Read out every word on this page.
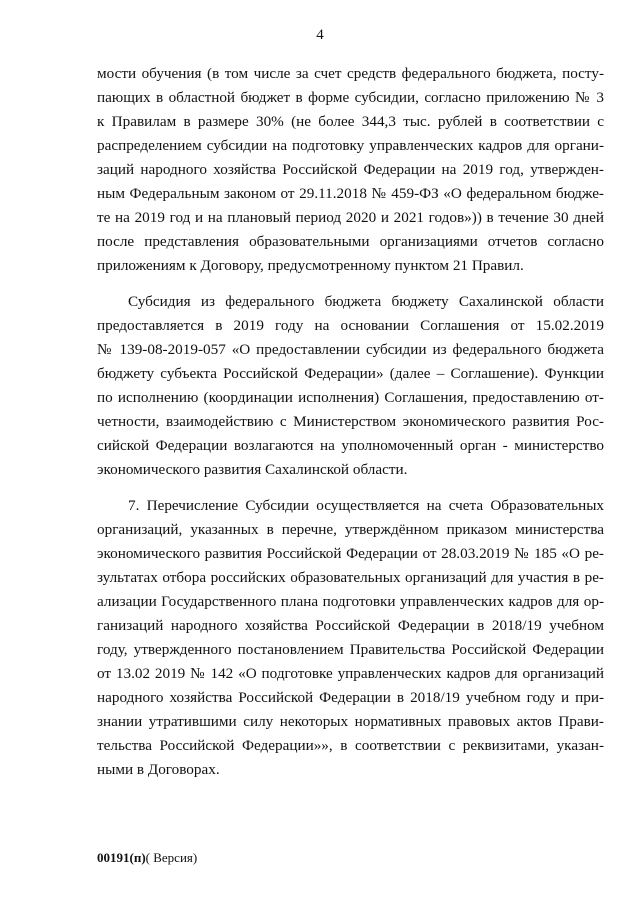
4
мости обучения (в том числе за счет средств федерального бюджета, посту-
пающих в областной бюджет в форме субсидии, согласно приложению № 3
к Правилам в размере 30% (не более 344,3 тыс. рублей в соответствии с
распределением субсидии на подготовку управленческих кадров для органи-
заций народного хозяйства Российской Федерации на 2019 год, утвержден-
ным Федеральным законом от 29.11.2018 № 459-ФЗ «О федеральном бюдже-
те на 2019 год и на плановый период 2020 и 2021 годов»)) в течение 30 дней
после представления образовательными организациями отчетов согласно
приложениям к Договору, предусмотренному пунктом 21 Правил.
Субсидия из федерального бюджета бюджету Сахалинской области
предоставляется в 2019 году на основании Соглашения от 15.02.2019
№ 139-08-2019-057 «О предоставлении субсидии из федерального бюджета
бюджету субъекта Российской Федерации» (далее – Соглашение). Функции
по исполнению (координации исполнения) Соглашения, предоставлению от-
четности, взаимодействию с Министерством экономического развития Рос-
сийской Федерации возлагаются на уполномоченный орган - министерство
экономического развития Сахалинской области.
7. Перечисление Субсидии осуществляется на счета Образовательных
организаций, указанных в перечне, утверждённом приказом министерства
экономического развития Российской Федерации от 28.03.2019 № 185 «О ре-
зультатах отбора российских образовательных организаций для участия в ре-
ализации Государственного плана подготовки управленческих кадров для ор-
ганизаций народного хозяйства Российской Федерации в 2018/19 учебном
году, утвержденного постановлением Правительства Российской Федерации
от 13.02 2019 № 142 «О подготовке управленческих кадров для организаций
народного хозяйства Российской Федерации в 2018/19 учебном году и при-
знании утратившими силу некоторых нормативных правовых актов Прави-
тельства Российской Федерации»», в соответствии с реквизитами, указан-
ными в Договорах.
00191(п)( Версия)
